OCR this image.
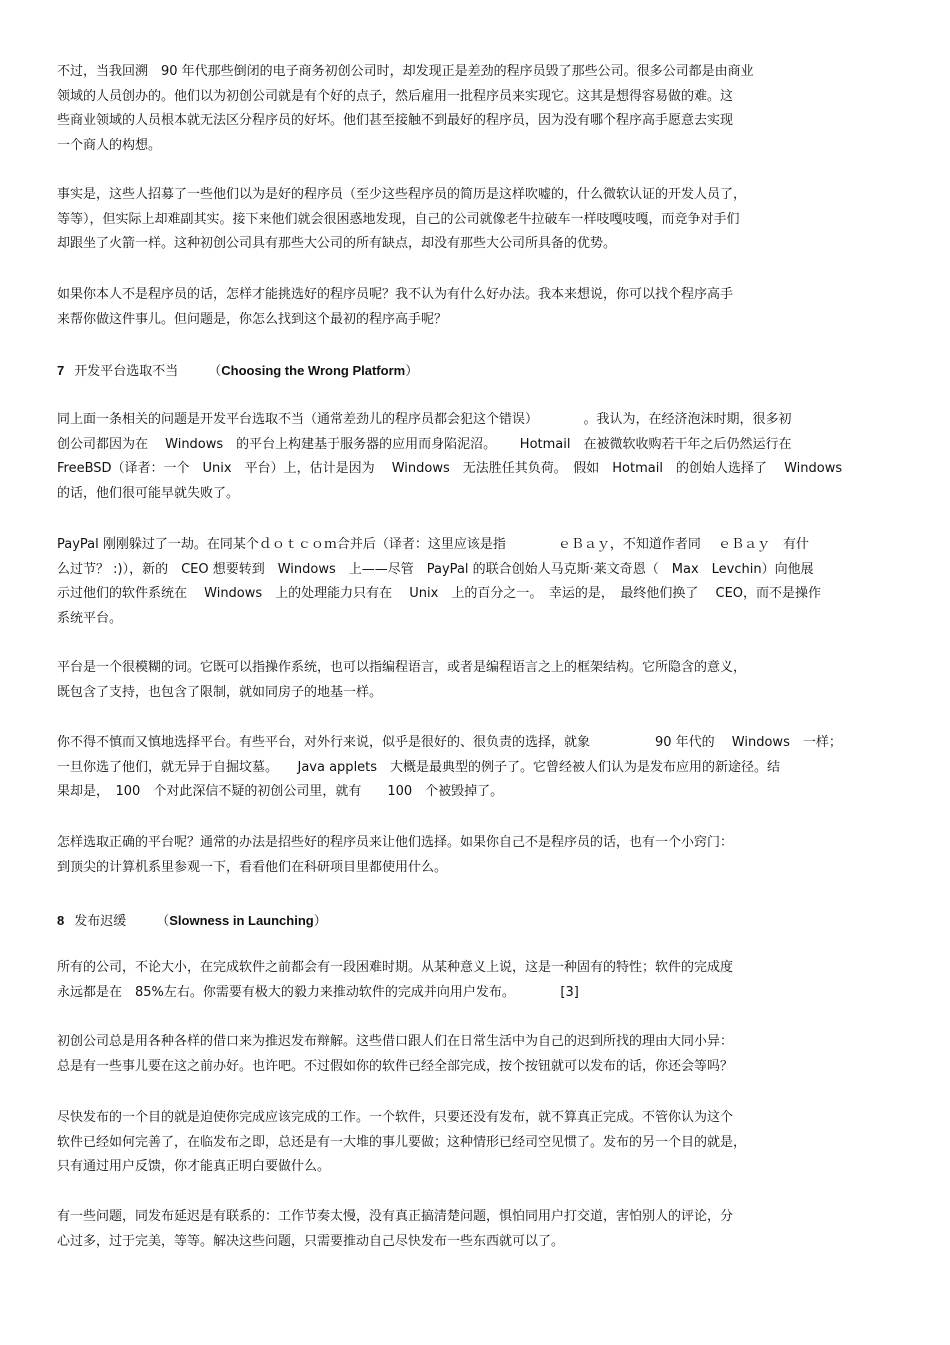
不过，当我回溯　90 年代那些倒闭的电子商务初创公司时，却发现正是差劲的程序员毁了那些公司。很多公司都是由商业
领域的人员创办的。他们以为初创公司就是有个好的点子，然后雇用一批程序员来实现它。这其是想得容易做的难。这
些商业领域的人员根本就无法区分程序员的好坏。他们甚至接触不到最好的程序员，因为没有哪个程序高手愿意去实现
一个商人的构想。
事实是，这些人招募了一些他们以为是好的程序员（至少这些程序员的简历是这样吹嘘的，什么微软认证的开发人员了，
等等），但实际上却难副其实。接下来他们就会很困惑地发现，自己的公司就像老牛拉破车一样吱嘎吱嘎，而竞争对手们
却跟坐了火箭一样。这种初创公司具有那些大公司的所有缺点，却没有那些大公司所具备的优势。
如果你本人不是程序员的话，怎样才能挑选好的程序员呢？我不认为有什么好办法。我本来想说，你可以找个程序高手
来帮你做这件事儿。但问题是，你怎么找到这个最初的程序高手呢？
7 开发平台选取不当 （Choosing the Wrong Platform）
同上面一条相关的问题是开发平台选取不当（通常差劲儿的程序员都会犯这个错误）　　　　。我认为，在经济泡沫时期，很多初
创公司都因为在　 Windows　的平台上构建基于服务器的应用而身陷泥沼。　　 Hotmail　在被微软收购若干年之后仍然运行在
FreeBSD（译者：一个　Unix　平台）上，估计是因为　 Windows　无法胜任其负荷。　假如　Hotmail　的创始人选择了　 Windows
的话，他们很可能早就失败了。
PayPal 刚刚躲过了一劫。在同某个ｄｏｔｃｏｍ合并后（译者：这里应该是指　　　　ｅＢａｙ，不知道作者同　 ｅＢａｙ　有什
么过节？ :)），新的　CEO 想要转到　Windows　上——尽管　PayPal 的联合创始人马克斯·莱文奇恩（　Max　Levchin）向他展
示过他们的软件系统在　 Windows　上的处理能力只有在　 Unix　上的百分之一。　幸运的是，　最终他们换了　 CEO，而不是操作
系统平台。
平台是一个很模糊的词。它既可以指操作系统，也可以指编程语言，或者是编程语言之上的框架结构。它所隐含的意义，
既包含了支持，也包含了限制，就如同房子的地基一样。
你不得不慎而又慎地选择平台。有些平台，对外行来说，似乎是很好的、很负责的选择，就象　　　　　90 年代的　 Windows　一样；
一旦你选了他们，就无异于自掘坟墓。　　Java applets　大概是最典型的例子了。它曾经被人们认为是发布应用的新途径。结
果却是，　100　个对此深信不疑的初创公司里，就有　　100　个被毁掉了。
怎样选取正确的平台呢？通常的办法是招些好的程序员来让他们选择。如果你自己不是程序员的话，也有一个小窍门：
到顶尖的计算机系里参观一下，看看他们在科研项目里都使用什么。
8 发布迟缓 （Slowness in Launching）
所有的公司，不论大小，在完成软件之前都会有一段困难时期。从某种意义上说，这是一种固有的特性；软件的完成度
永远都是在　85%左右。你需要有极大的毅力来推动软件的完成并向用户发布。　　　　[3]
初创公司总是用各种各样的借口来为推迟发布辩解。这些借口跟人们在日常生活中为自己的迟到所找的理由大同小异：
总是有一些事儿要在这之前办好。也许吧。不过假如你的软件已经全部完成，按个按钮就可以发布的话，你还会等吗？
尽快发布的一个目的就是迫使你完成应该完成的工作。一个软件，只要还没有发布，就不算真正完成。不管你认为这个
软件已经如何完善了，在临发布之即，总还是有一大堆的事儿要做；这种情形已经司空见惯了。发布的另一个目的就是，
只有通过用户反馈，你才能真正明白要做什么。
有一些问题，同发布延迟是有联系的：工作节奏太慢，没有真正搞清楚问题，惧怕同用户打交道，害怕别人的评论，分
心过多，过于完美，等等。解决这些问题，只需要推动自己尽快发布一些东西就可以了。
